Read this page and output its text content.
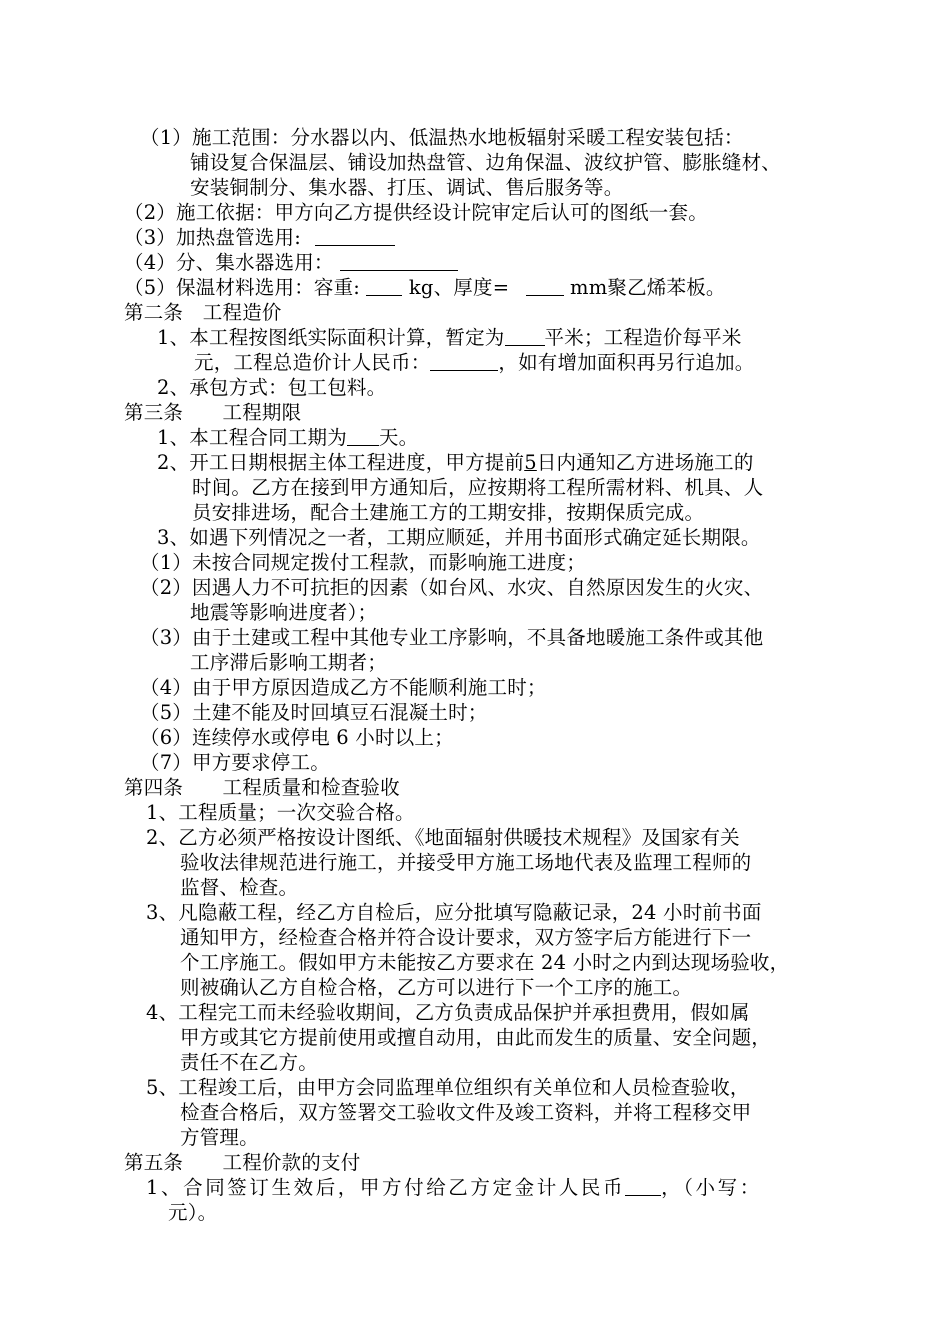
（1）施工范围：分水器以内、低温热水地板辐射采暖工程安装包括：
铺设复合保温层、铺设加热盘管、边角保温、波纹护管、膨胀缝材、
安装铜制分、集水器、打压、调试、售后服务等。
（2）施工依据：甲方向乙方提供经设计院审定后认可的图纸一套。
（3）加热盘管选用:
（4）分、集水器选用：
（5）保温材料选用：容重:	kg、厚度=	mm聚乙烯苯板。
第二条　工程造价
1、本工程按图纸实际面积计算，暂定为 平米；工程造价每平米
元，工程总造价计人民币：	，如有增加面积再另行追加。
2、承包方式：包工包料。
第三条　　工程期限
1、本工程合同工期为 天。
2、开工日期根据主体工程进度，甲方提前5日内通知乙方进场施工的
时间。乙方在接到甲方通知后，应按期将工程所需材料、机具、人
员安排进场，配合土建施工方的工期安排，按期保质完成。
3、如遇下列情况之一者，工期应顺延，并用书面形式确定延长期限。
（1）未按合同规定拨付工程款，而影响施工进度；
（2）因遇人力不可抗拒的因素（如台风、水灾、自然原因发生的火灾、
地震等影响进度者）；
（3）由于土建或工程中其他专业工序影响，不具备地暖施工条件或其他
工序滞后影响工期者；
（4）由于甲方原因造成乙方不能顺利施工时；
（5）土建不能及时回填豆石混凝土时；
（6）连续停水或停电 6 小时以上；
（7）甲方要求停工。
第四条　　工程质量和检查验收
1、工程质量；一次交验合格。
2、乙方必须严格按设计图纸、《地面辐射供暖技术规程》及国家有关
验收法律规范进行施工，并接受甲方施工场地代表及监理工程师的
监督、检查。
3、凡隐蔽工程，经乙方自检后，应分批填写隐蔽记录，24 小时前书面
通知甲方，经检查合格并符合设计要求，双方签字后方能进行下一
个工序施工。假如甲方未能按乙方要求在 24 小时之内到达现场验收，
则被确认乙方自检合格，乙方可以进行下一个工序的施工。
4、工程完工而未经验收期间，乙方负责成品保护并承担费用，假如属
甲方或其它方提前使用或擅自动用，由此而发生的质量、安全问题，
责任不在乙方。
5、工程竣工后，由甲方会同监理单位组织有关单位和人员检查验收，
检查合格后，双方签署交工验收文件及竣工资料，并将工程移交甲
方管理。
第五条　　工程价款的支付
1、合同签订生效后，甲方付给乙方定金计人民币 ，（小写：
元）。
